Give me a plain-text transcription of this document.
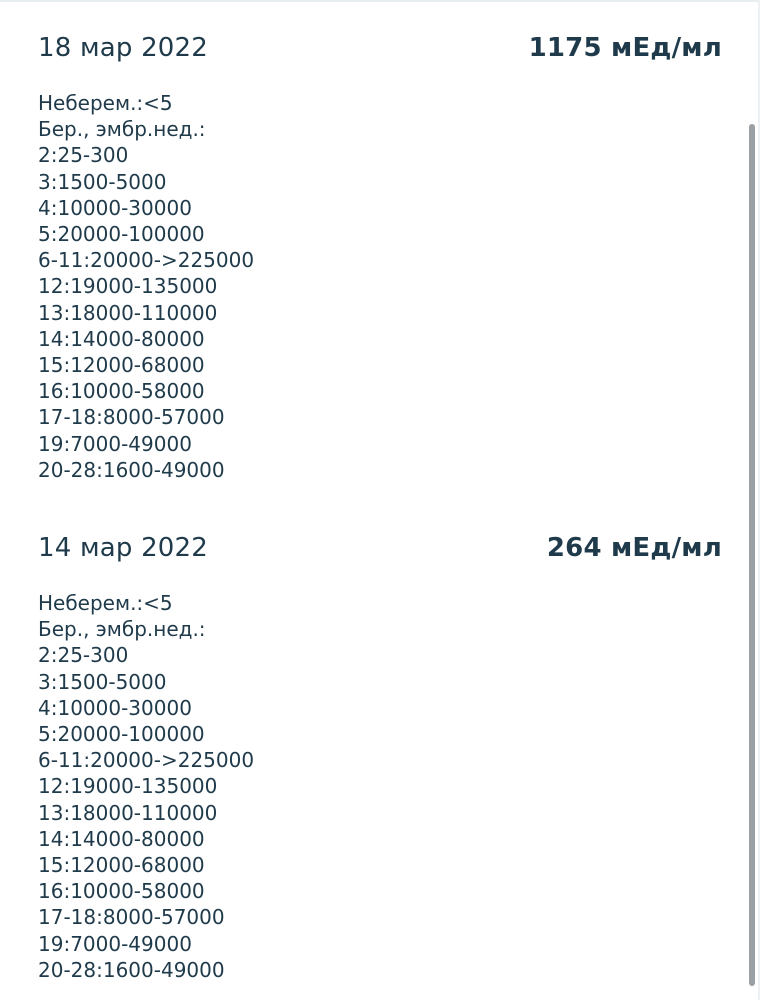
18 мар 2022	1175 мЕд/мл
Неберем.:<5
Бер., эмбр.нед.:
2:25-300
3:1500-5000
4:10000-30000
5:20000-100000
6-11:20000->225000
12:19000-135000
13:18000-110000
14:14000-80000
15:12000-68000
16:10000-58000
17-18:8000-57000
19:7000-49000
20-28:1600-49000
14 мар 2022	264 мЕд/мл
Неберем.:<5
Бер., эмбр.нед.:
2:25-300
3:1500-5000
4:10000-30000
5:20000-100000
6-11:20000->225000
12:19000-135000
13:18000-110000
14:14000-80000
15:12000-68000
16:10000-58000
17-18:8000-57000
19:7000-49000
20-28:1600-49000
